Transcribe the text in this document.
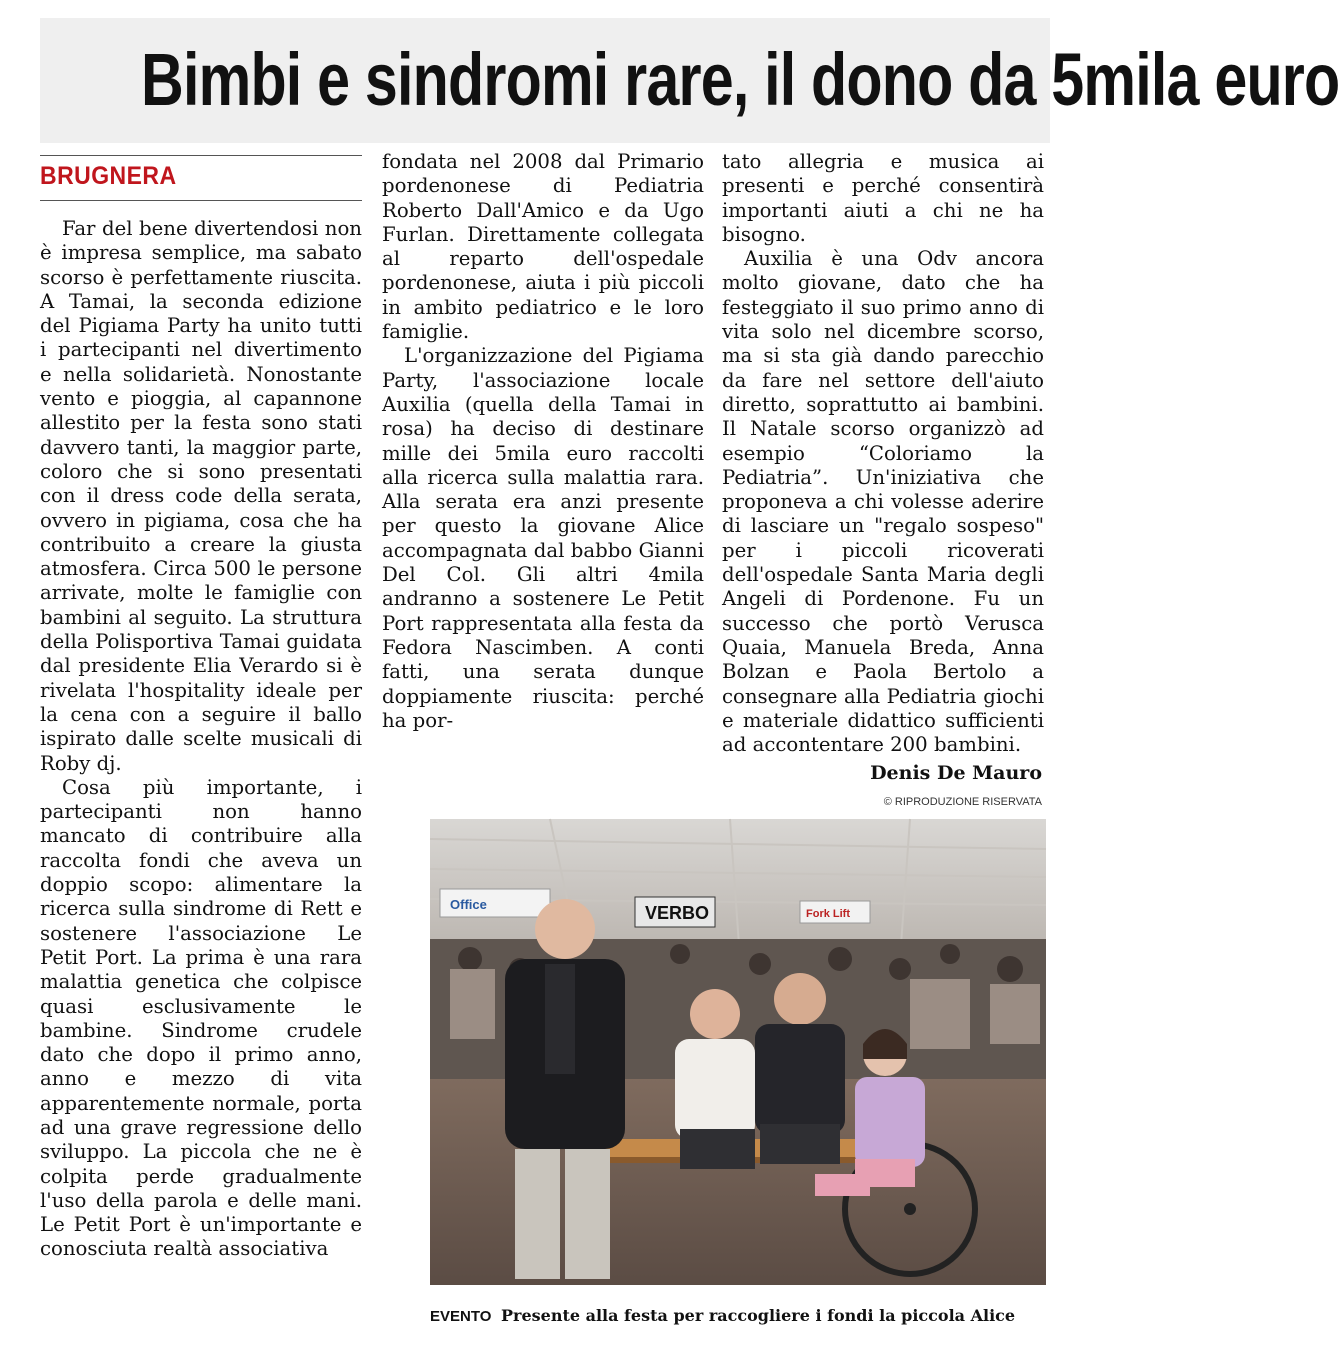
Bimbi e sindromi rare, il dono da 5mila euro
BRUGNERA

Far del bene divertendosi non è impresa semplice, ma sabato scorso è perfettamente riuscita. A Tamai, la seconda edizione del Pigiama Party ha unito tutti i partecipanti nel divertimento e nella solidarietà. Nonostante vento e pioggia, al capannone allestito per la festa sono stati davvero tanti, la maggior parte, coloro che si sono presentati con il dress code della serata, ovvero in pigiama, cosa che ha contribuito a creare la giusta atmosfera. Circa 500 le persone arrivate, molte le famiglie con bambini al seguito. La struttura della Polisportiva Tamai guidata dal presidente Elia Verardo si è rivelata l'hospitality ideale per la cena con a seguire il ballo ispirato dalle scelte musicali di Roby dj.

Cosa più importante, i partecipanti non hanno mancato di contribuire alla raccolta fondi che aveva un doppio scopo: alimentare la ricerca sulla sindrome di Rett e sostenere l'associazione Le Petit Port. La prima è una rara malattia genetica che colpisce quasi esclusivamente le bambine. Sindrome crudele dato che dopo il primo anno, anno e mezzo di vita apparentemente normale, porta ad una grave regressione dello sviluppo. La piccola che ne è colpita perde gradualmente l'uso della parola e delle mani. Le Petit Port è un'importante e conosciuta realtà associativa

fondata nel 2008 dal Primario pordenonese di Pediatria Roberto Dall'Amico e da Ugo Furlan. Direttamente collegata al reparto dell'ospedale pordenonese, aiuta i più piccoli in ambito pediatrico e le loro famiglie.

L'organizzazione del Pigiama Party, l'associazione locale Auxilia (quella della Tamai in rosa) ha deciso di destinare mille dei 5mila euro raccolti alla ricerca sulla malattia rara. Alla serata era anzi presente per questo la giovane Alice accompagnata dal babbo Gianni Del Col. Gli altri 4mila andranno a sostenere Le Petit Port rappresentata alla festa da Fedora Nascimben. A conti fatti, una serata dunque doppiamente riuscita: perché ha por-

tato allegria e musica ai presenti e perché consentirà importanti aiuti a chi ne ha bisogno.

Auxilia è una Odv ancora molto giovane, dato che ha festeggiato il suo primo anno di vita solo nel dicembre scorso, ma si sta già dando parecchio da fare nel settore dell'aiuto diretto, soprattutto ai bambini. Il Natale scorso organizzò ad esempio “Coloriamo la Pediatria”. Un'iniziativa che proponeva a chi volesse aderire di lasciare un "regalo sospeso" per i piccoli ricoverati dell'ospedale Santa Maria degli Angeli di Pordenone. Fu un successo che portò Verusca Quaia, Manuela Breda, Anna Bolzan e Paola Bertolo a consegnare alla Pediatria giochi e materiale didattico sufficienti ad accontentare 200 bambini.

Denis De Mauro
© RIPRODUZIONE RISERVATA
Office	VERBO	Fork Lift
EVENTO Presente alla festa per raccogliere i fondi la piccola Alice
